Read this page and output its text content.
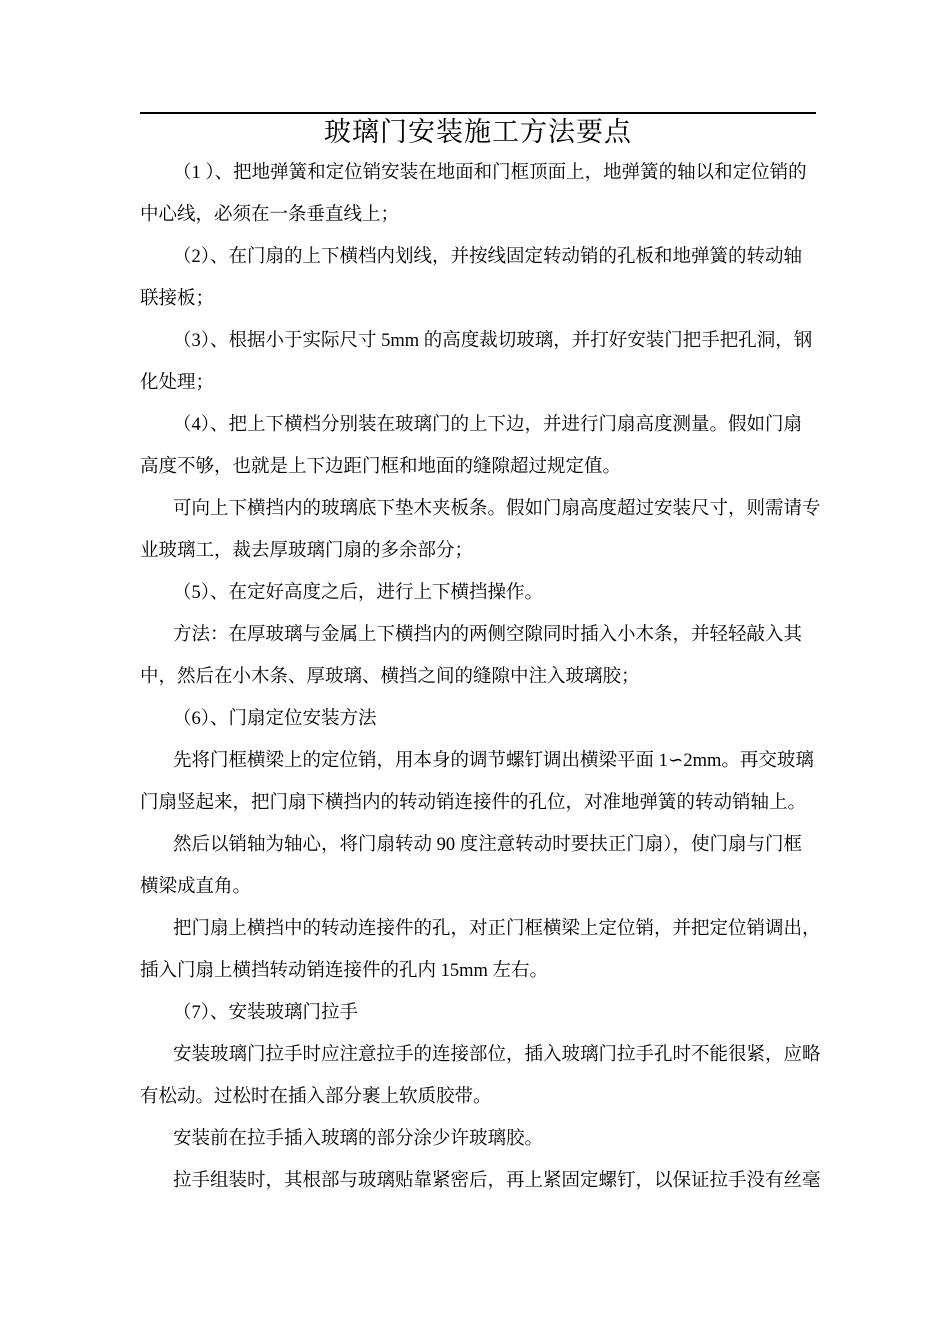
玻璃门安装施工方法要点
（1 ）、把地弹簧和定位销安装在地面和门框顶面上，地弹簧的轴以和定位销的
中心线，必须在一条垂直线上；
（2）、在门扇的上下横档内划线，并按线固定转动销的孔板和地弹簧的转动轴
联接板；
（3）、根据小于实际尺寸 5mm 的高度裁切玻璃，并打好安装门把手把孔洞，钢
化处理；
（4）、把上下横档分别装在玻璃门的上下边，并进行门扇高度测量。假如门扇
高度不够，也就是上下边距门框和地面的缝隙超过规定值。
可向上下横挡内的玻璃底下垫木夹板条。假如门扇高度超过安装尺寸，则需请专
业玻璃工，裁去厚玻璃门扇的多余部分；
（5）、在定好高度之后，进行上下横挡操作。
方法：在厚玻璃与金属上下横挡内的两侧空隙同时插入小木条，并轻轻敲入其
中，然后在小木条、厚玻璃、横挡之间的缝隙中注入玻璃胶；
（6）、门扇定位安装方法
先将门框横梁上的定位销，用本身的调节螺钉调出横梁平面 1∽2mm。再交玻璃
门扇竖起来，把门扇下横挡内的转动销连接件的孔位，对准地弹簧的转动销轴上。
然后以销轴为轴心，将门扇转动 90 度注意转动时要扶正门扇），使门扇与门框
横梁成直角。
把门扇上横挡中的转动连接件的孔，对正门框横梁上定位销，并把定位销调出，
插入门扇上横挡转动销连接件的孔内 15mm 左右。
（7）、安装玻璃门拉手
安装玻璃门拉手时应注意拉手的连接部位，插入玻璃门拉手孔时不能很紧，应略
有松动。过松时在插入部分裹上软质胶带。
安装前在拉手插入玻璃的部分涂少许玻璃胶。
拉手组装时，其根部与玻璃贴靠紧密后，再上紧固定螺钉，以保证拉手没有丝毫
